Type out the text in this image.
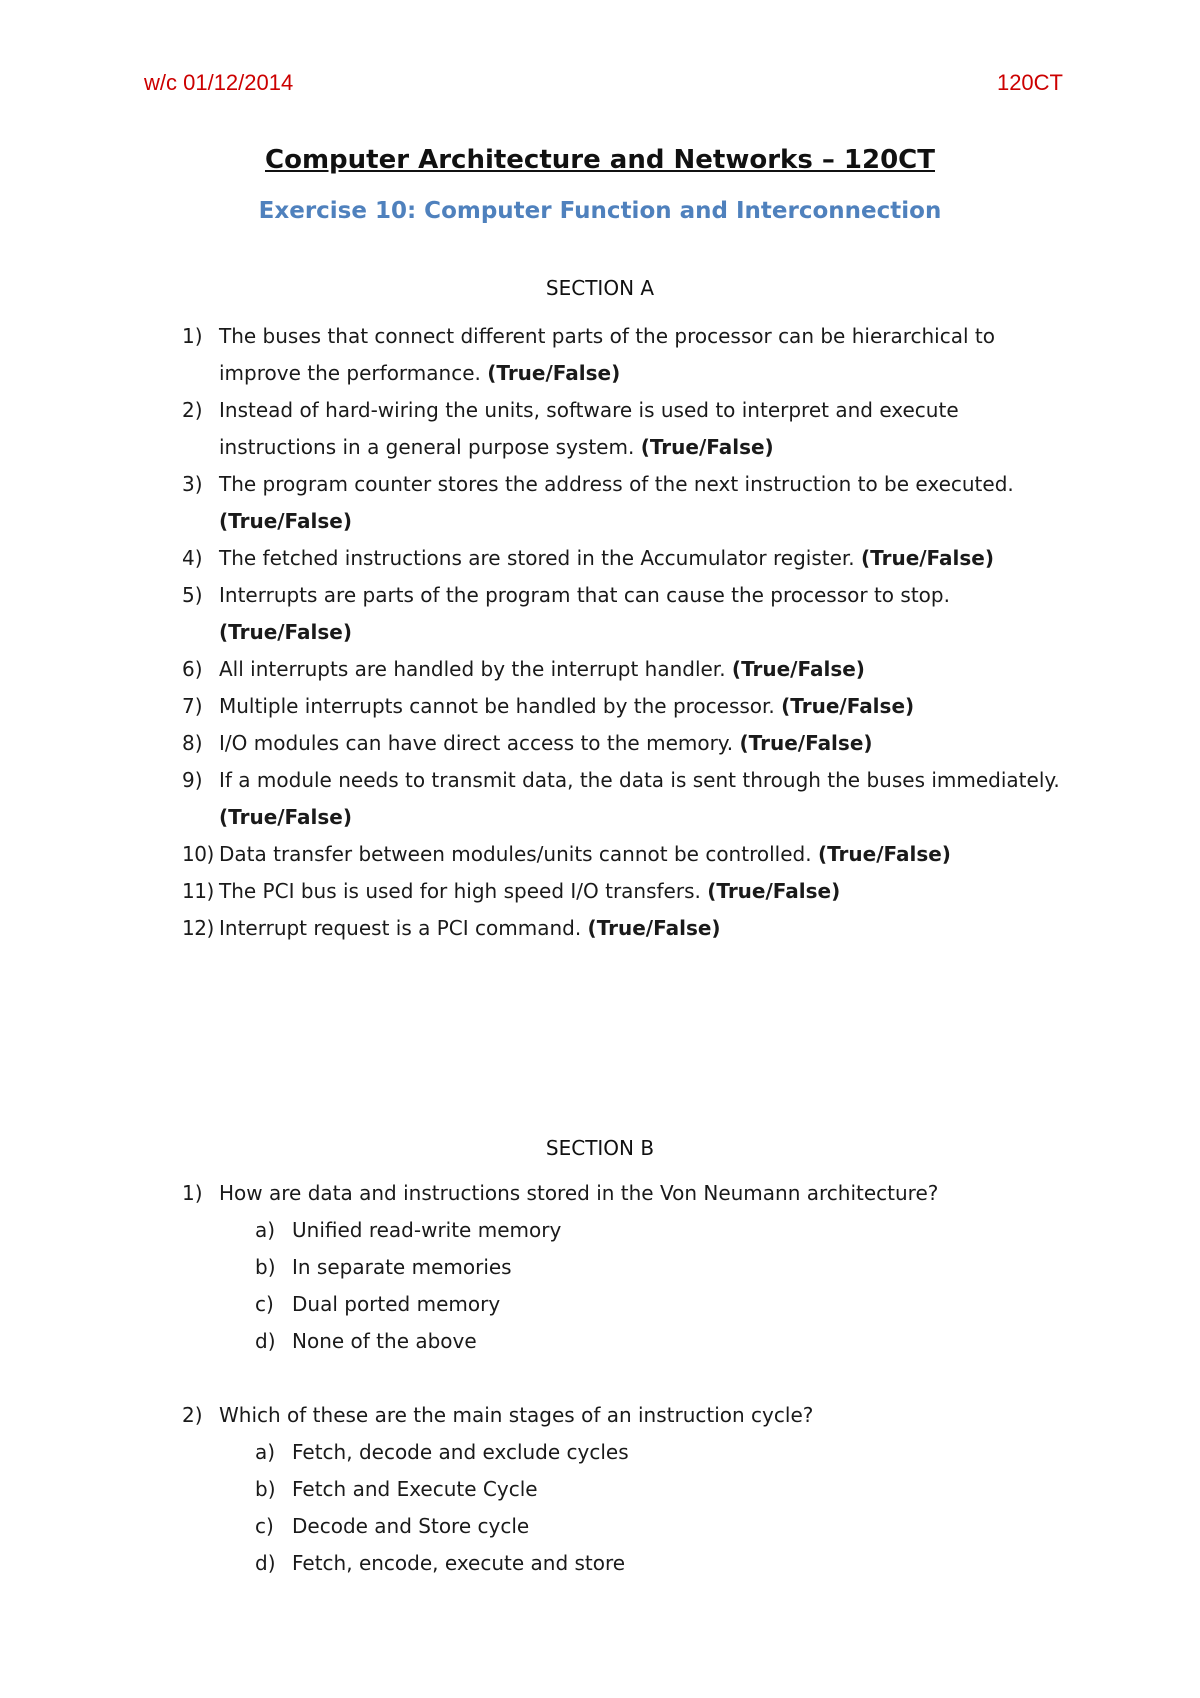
w/c 01/12/2014	120CT
Computer Architecture and Networks – 120CT
Exercise 10: Computer Function and Interconnection
SECTION A
1) The buses that connect different parts of the processor can be hierarchical to improve the performance. (True/False)
2) Instead of hard-wiring the units, software is used to interpret and execute instructions in a general purpose system. (True/False)
3) The program counter stores the address of the next instruction to be executed.
(True/False)
4) The fetched instructions are stored in the Accumulator register. (True/False)
5) Interrupts are parts of the program that can cause the processor to stop.
(True/False)
6) All interrupts are handled by the interrupt handler. (True/False)
7) Multiple interrupts cannot be handled by the processor. (True/False)
8) I/O modules can have direct access to the memory. (True/False)
9) If a module needs to transmit data, the data is sent through the buses immediately. (True/False)
10) Data transfer between modules/units cannot be controlled. (True/False)
11) The PCI bus is used for high speed I/O transfers. (True/False)
12) Interrupt request is a PCI command. (True/False)
SECTION B
1) How are data and instructions stored in the Von Neumann architecture?
a) Unified read-write memory
b) In separate memories
c) Dual ported memory
d) None of the above
2) Which of these are the main stages of an instruction cycle?
a) Fetch, decode and exclude cycles
b) Fetch and Execute Cycle
c) Decode and Store cycle
d) Fetch, encode, execute and store
